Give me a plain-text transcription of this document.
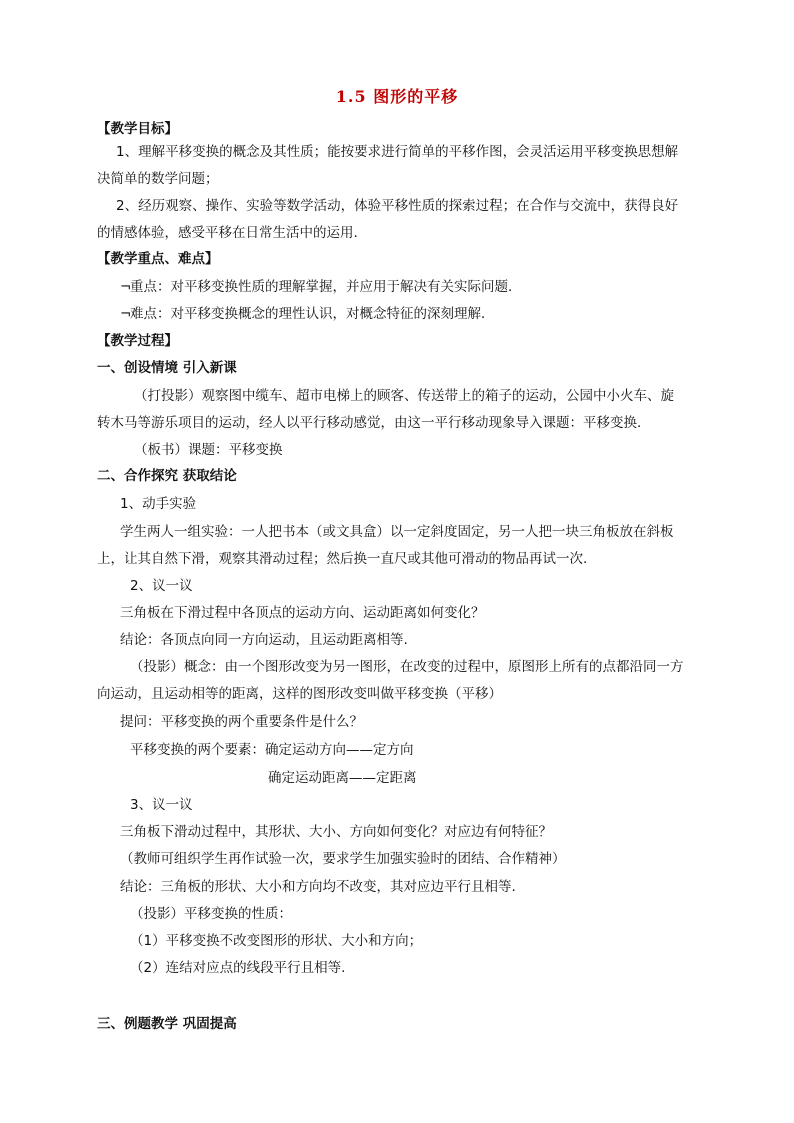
1.5 图形的平移
【教学目标】
1、理解平移变换的概念及其性质；能按要求进行简单的平移作图，会灵活运用平移变换思想解
决简单的数学问题；
2、经历观察、操作、实验等数学活动，体验平移性质的探索过程；在合作与交流中，获得良好
的情感体验，感受平移在日常生活中的运用.
【教学重点、难点】
¬重点：对平移变换性质的理解掌握，并应用于解决有关实际问题．
¬难点：对平移变换概念的理性认识，对概念特征的深刻理解．
【教学过程】
一、创设情境 引入新课
（打投影）观察图中缆车、超市电梯上的顾客、传送带上的箱子的运动，公园中小火车、旋
转木马等游乐项目的运动，经人以平行移动感觉，由这一平行移动现象导入课题：平移变换.
（板书）课题：平移变换
二、合作探究 获取结论
1、动手实验
学生两人一组实验：一人把书本（或文具盒）以一定斜度固定，另一人把一块三角板放在斜板
上，让其自然下滑，观察其滑动过程；然后换一直尺或其他可滑动的物品再试一次.
2、议一议
三角板在下滑过程中各顶点的运动方向、运动距离如何变化？
结论：各顶点向同一方向运动，且运动距离相等.
（投影）概念：由一个图形改变为另一图形，在改变的过程中，原图形上所有的点都沿同一方
向运动，且运动相等的距离，这样的图形改变叫做平移变换（平移）
提问：平移变换的两个重要条件是什么？
平移变换的两个要素：确定运动方向——定方向
确定运动距离——定距离
3、议一议
三角板下滑动过程中，其形状、大小、方向如何变化？对应边有何特征？
（教师可组织学生再作试验一次，要求学生加强实验时的团结、合作精神）
结论：三角板的形状、大小和方向均不改变，其对应边平行且相等.
（投影）平移变换的性质：
（1）平移变换不改变图形的形状、大小和方向；
（2）连结对应点的线段平行且相等.
三、例题教学 巩固提高
